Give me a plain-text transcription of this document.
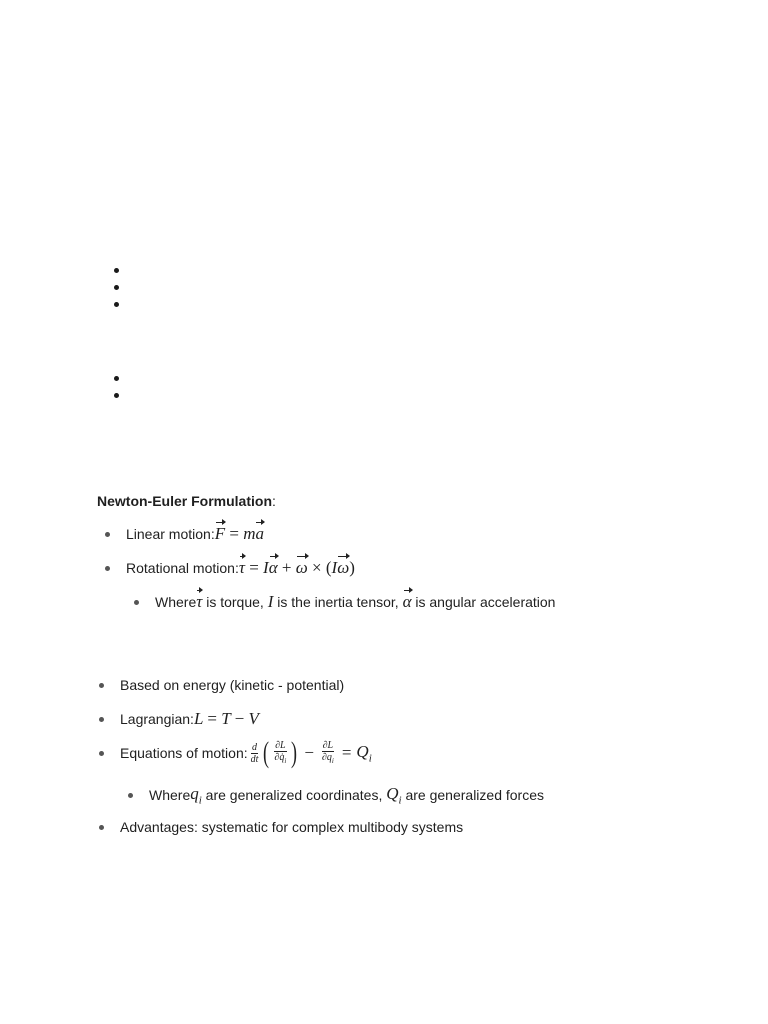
Newton-Euler Formulation:
Linear motion: F = ma
Rotational motion: τ = Iα + ω × (Iω)
Where τ is torque, I is the inertia tensor, α is angular acceleration
Based on energy (kinetic - potential)
Lagrangian: L = T − V
Equations of motion: $\frac{d}{dt}$ ( $\frac{\partial L}{\partial q̇_i}$ ) − $\frac{\partial L}{\partial q_i} = Q_i$
Where $q_i$ are generalized coordinates, $Q_i$ are generalized forces
Advantages: systematic for complex multibody systems
